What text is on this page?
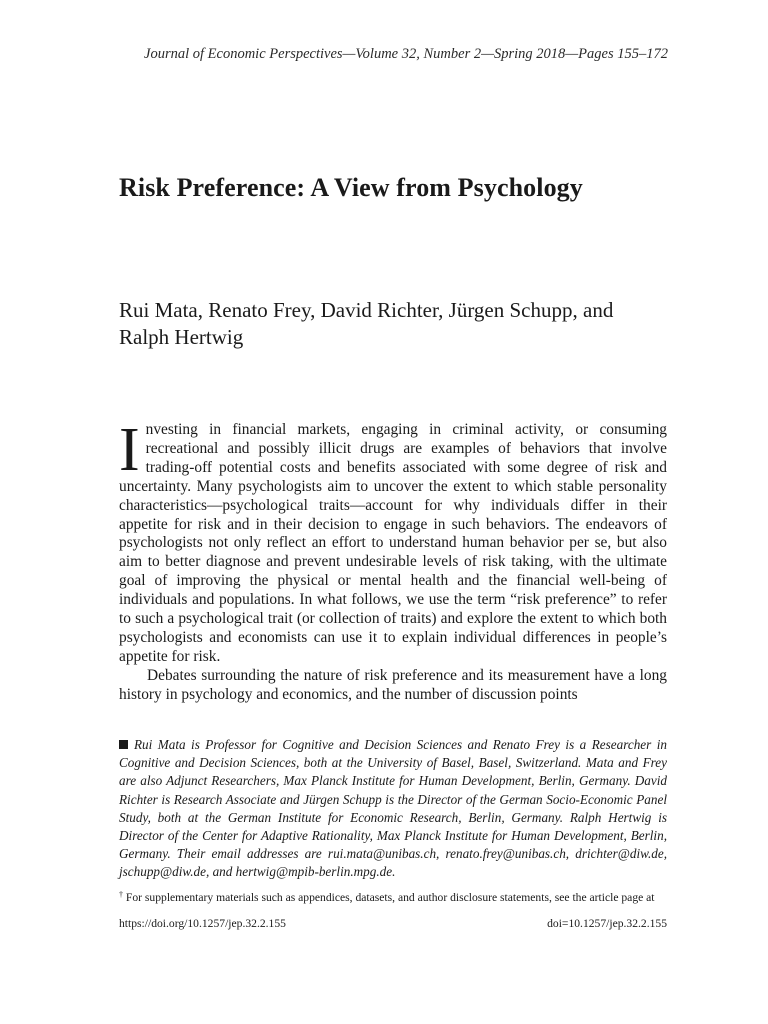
Journal of Economic Perspectives—Volume 32, Number 2—Spring 2018—Pages 155–172
Risk Preference: A View from Psychology

Rui Mata, Renato Frey, David Richter, Jürgen Schupp, and Ralph Hertwig

Investing in financial markets, engaging in criminal activity, or consuming recreational and possibly illicit drugs are examples of behaviors that involve trading-off potential costs and benefits associated with some degree of risk and uncertainty. Many psychologists aim to uncover the extent to which stable personality characteristics—psychological traits—account for why individuals differ in their appetite for risk and in their decision to engage in such behaviors. The endeavors of psychologists not only reflect an effort to understand human behavior per se, but also aim to better diagnose and prevent undesirable levels of risk taking, with the ultimate goal of improving the physical or mental health and the financial well-being of individuals and populations. In what follows, we use the term “risk preference” to refer to such a psychological trait (or collection of traits) and explore the extent to which both psychologists and economists can use it to explain individual differences in people’s appetite for risk.

Debates surrounding the nature of risk preference and its measurement have a long history in psychology and economics, and the number of discussion points

Rui Mata is Professor for Cognitive and Decision Sciences and Renato Frey is a Researcher in Cognitive and Decision Sciences, both at the University of Basel, Basel, Switzerland. Mata and Frey are also Adjunct Researchers, Max Planck Institute for Human Development, Berlin, Germany. David Richter is Research Associate and Jürgen Schupp is the Director of the German Socio-Economic Panel Study, both at the German Institute for Economic Research, Berlin, Germany. Ralph Hertwig is Director of the Center for Adaptive Rationality, Max Planck Institute for Human Development, Berlin, Germany. Their email addresses are rui.mata@unibas.ch, renato.frey@unibas.ch, drichter@diw.de, jschupp@diw.de, and hertwig@mpib-berlin.mpg.de.

† For supplementary materials such as appendices, datasets, and author disclosure statements, see the article page at

https://doi.org/10.1257/jep.32.2.155	doi=10.1257/jep.32.2.155
